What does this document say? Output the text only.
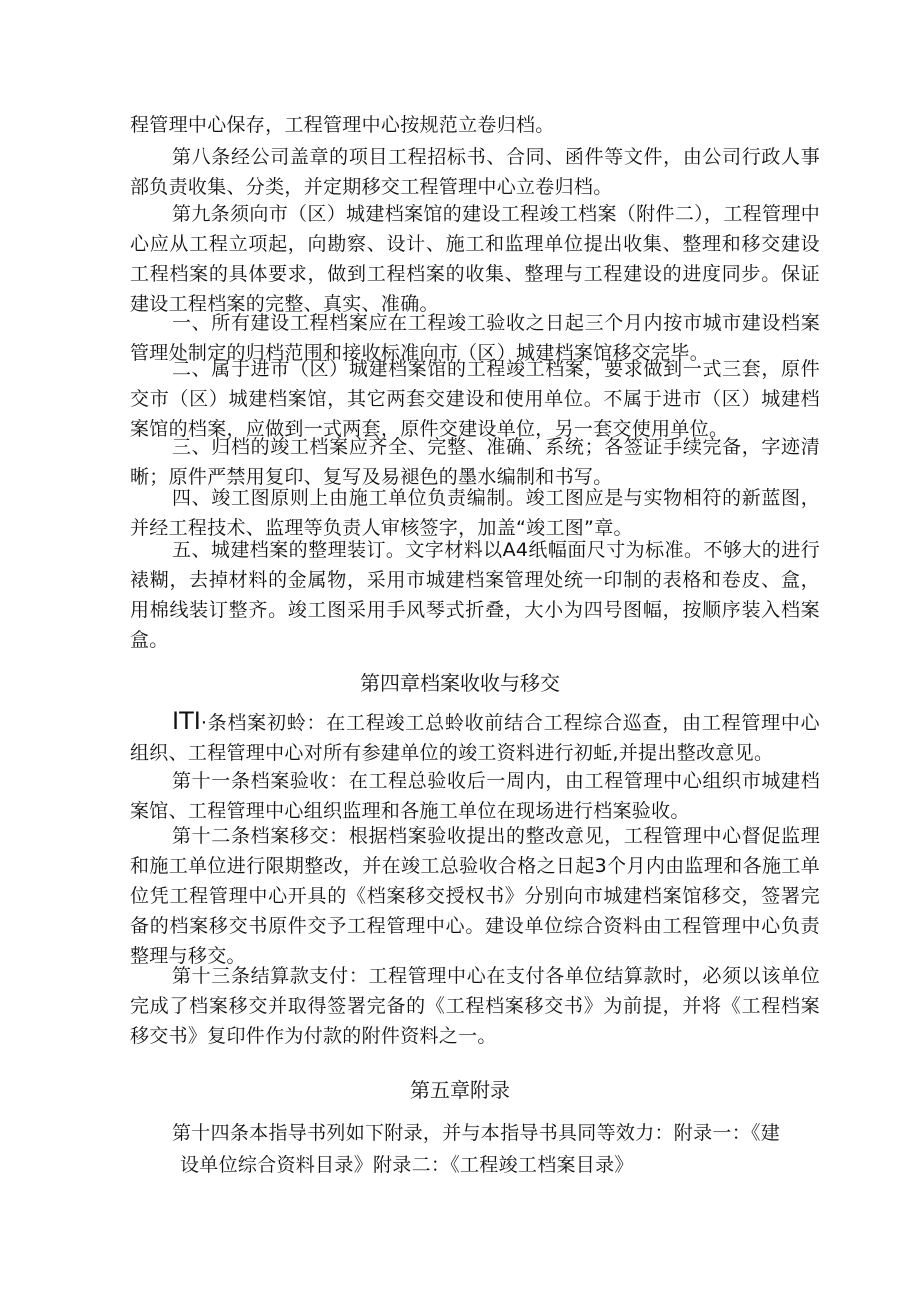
程管理中心保存，工程管理中心按规范立卷归档。

第八条经公司盖章的项目工程招标书、合同、函件等文件，由公司行政人事部负责收集、分类，并定期移交工程管理中心立卷归档。

第九条须向市（区）城建档案馆的建设工程竣工档案（附件二），工程管理中心应从工程立项起，向勘察、设计、施工和监理单位提出收集、整理和移交建设工程档案的具体要求，做到工程档案的收集、整理与工程建设的进度同步。保证建设工程档案的完整、真实、准确。

一、所有建设工程档案应在工程竣工验收之日起三个月内按市城市建设档案管理处制定的归档范围和接收标准向市（区）城建档案馆移交完毕。

二、属于进市（区）城建档案馆的工程竣工档案，要求做到一式三套，原件交市（区）城建档案馆，其它两套交建设和使用单位。不属于进市（区）城建档案馆的档案，应做到一式两套，原件交建设单位，另一套交使用单位。

三、归档的竣工档案应齐全、完整、准确、系统；各签证手续完备，字迹清晰；原件严禁用复印、复写及易褪色的墨水编制和书写。

四、竣工图原则上由施工单位负责编制。竣工图应是与实物相符的新蓝图，并经工程技术、监理等负责人审核签字，加盖“竣工图”章。

五、城建档案的整理装订。文字材料以A4纸幅面尺寸为标准。不够大的进行裱糊，去掉材料的金属物，采用市城建档案管理处统一印制的表格和卷皮、盒，用棉线装订整齐。竣工图采用手风琴式折叠，大小为四号图幅，按顺序装入档案盒。

第四章档案收收与移交

ITI·条档案初蛉：在工程竣工总蛉收前结合工程综合巡查，由工程管理中心组织、工程管理中心对所有参建单位的竣工资料进行初蚯,并提出整改意见。

第十一条档案验收：在工程总验收后一周内，由工程管理中心组织市城建档案馆、工程管理中心组织监理和各施工单位在现场进行档案验收。

第十二条档案移交：根据档案验收提出的整改意见，工程管理中心督促监理和施工单位进行限期整改，并在竣工总验收合格之日起3个月内由监理和各施工单位凭工程管理中心开具的《档案移交授权书》分别向市城建档案馆移交，签署完备的档案移交书原件交予工程管理中心。建设单位综合资料由工程管理中心负责整理与移交。

第十三条结算款支付：工程管理中心在支付各单位结算款时，必须以该单位完成了档案移交并取得签署完备的《工程档案移交书》为前提，并将《工程档案移交书》复印件作为付款的附件资料之一。

第五章附录

第十四条本指导书列如下附录，并与本指导书具同等效力：附录一：《建

设单位综合资料目录》附录二：《工程竣工档案目录》
